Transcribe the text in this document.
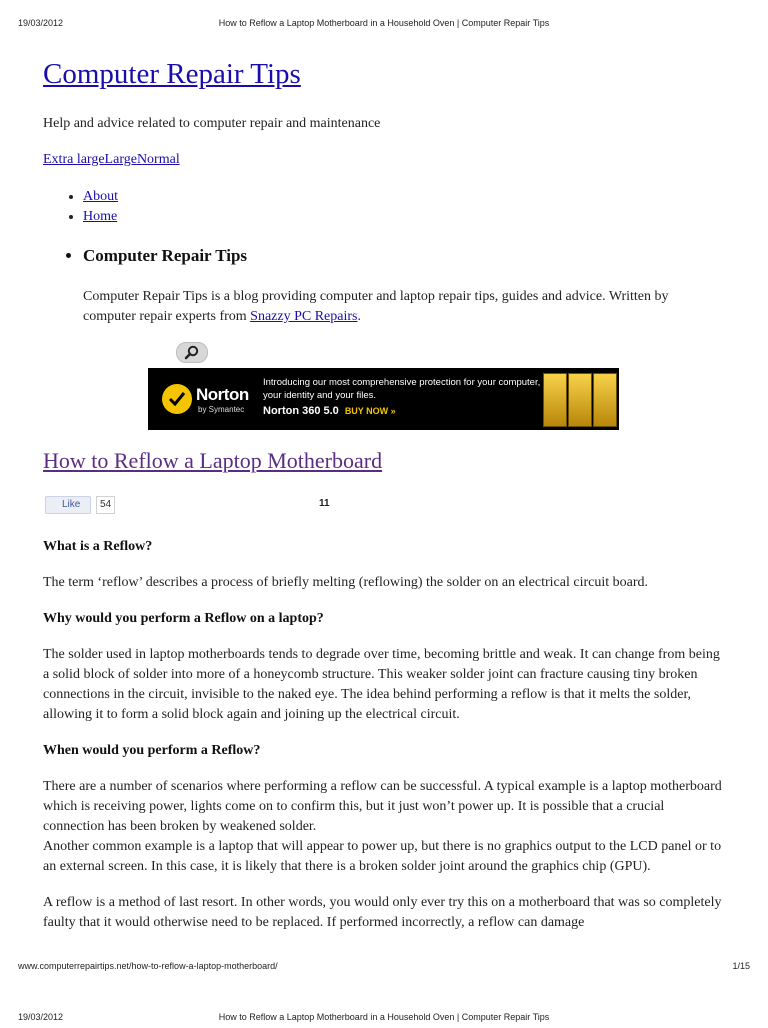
19/03/2012	How to Reflow a Laptop Motherboard in a Household Oven | Computer Repair Tips
Computer Repair Tips

Help and advice related to computer repair and maintenance

Extra largeLargeNormal
• About
• Home
• Computer Repair Tips

Computer Repair Tips is a blog providing computer and laptop repair tips, guides and advice. Written by computer repair experts from Snazzy PC Repairs.

Norton
by Symantec
Introducing our most comprehensive protection for your computer, your identity and your files.
Norton 360 5.0 BUY NOW »
How to Reflow a Laptop Motherboard
Like	54	11
What is a Reflow?

The term ‘reflow’ describes a process of briefly melting (reflowing) the solder on an electrical circuit board.

Why would you perform a Reflow on a laptop?

The solder used in laptop motherboards tends to degrade over time, becoming brittle and weak. It can change from being a solid block of solder into more of a honeycomb structure. This weaker solder joint can fracture causing tiny broken connections in the circuit, invisible to the naked eye. The idea behind performing a reflow is that it melts the solder, allowing it to form a solid block again and joining up the electrical circuit.

When would you perform a Reflow?

There are a number of scenarios where performing a reflow can be successful. A typical example is a laptop motherboard which is receiving power, lights come on to confirm this, but it just won’t power up. It is possible that a crucial connection has been broken by weakened solder.

Another common example is a laptop that will appear to power up, but there is no graphics output to the LCD panel or to an external screen. In this case, it is likely that there is a broken solder joint around the graphics chip (GPU).

A reflow is a method of last resort. In other words, you would only ever try this on a motherboard that was so completely faulty that it would otherwise need to be replaced. If performed incorrectly, a reflow can damage

www.computerrepairtips.net/how-to-reflow-a-laptop-motherboard/	1/15
19/03/2012	How to Reflow a Laptop Motherboard in a Household Oven | Computer Repair Tips
